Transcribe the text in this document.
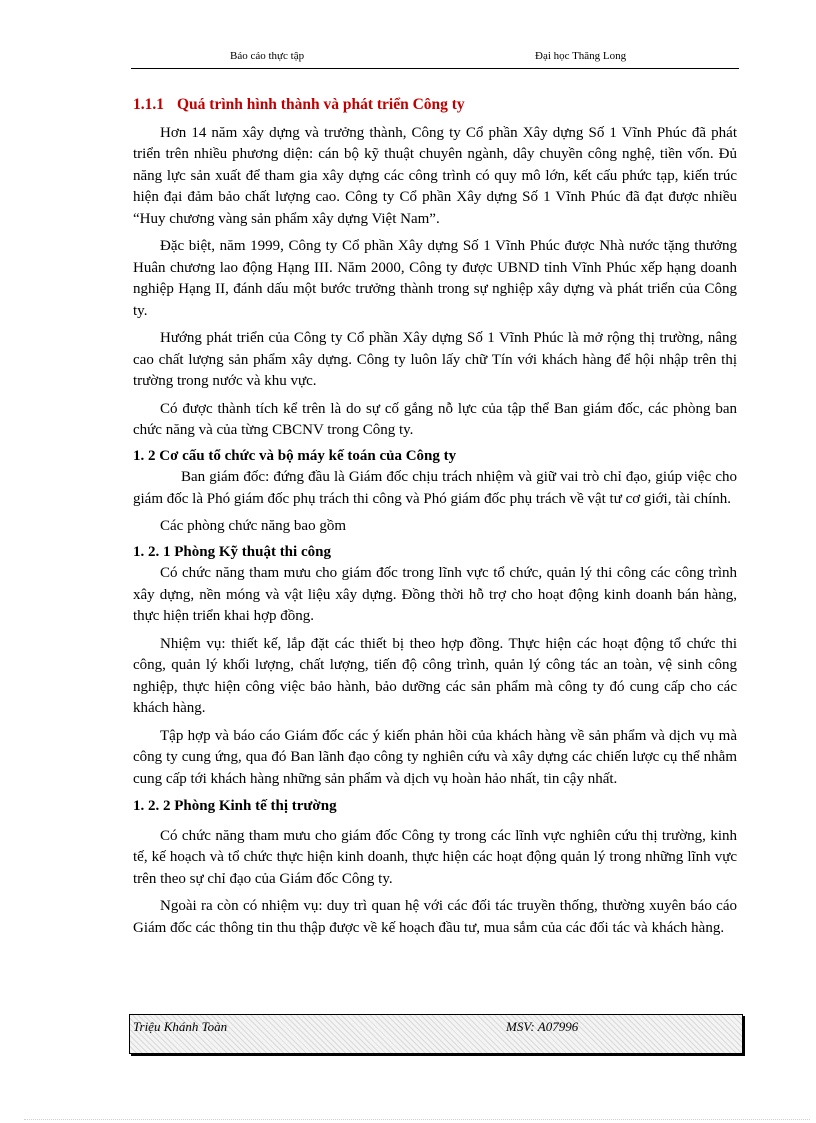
Báo cáo thực tập	Đại học Thăng Long
1.1.1 Quá trình hình thành và phát triển Công ty

Hơn 14 năm xây dựng và trưởng thành, Công ty Cổ phần Xây dựng Số 1 Vĩnh Phúc đã phát triển trên nhiều phương diện: cán bộ kỹ thuật chuyên ngành, dây chuyền công nghệ, tiền vốn. Đủ năng lực sản xuất để tham gia xây dựng các công trình có quy mô lớn, kết cấu phức tạp, kiến trúc hiện đại đảm bảo chất lượng cao. Công ty Cổ phần Xây dựng Số 1 Vĩnh Phúc đã đạt được nhiều “Huy chương vàng sản phẩm xây dựng Việt Nam”.

Đặc biệt, năm 1999, Công ty Cổ phần Xây dựng Số 1 Vĩnh Phúc được Nhà nước tặng thưởng Huân chương lao động Hạng III. Năm 2000, Công ty được UBND tỉnh Vĩnh Phúc xếp hạng doanh nghiệp Hạng II, đánh dấu một bước trưởng thành trong sự nghiệp xây dựng và phát triển của Công ty.

Hướng phát triển của Công ty Cổ phần Xây dựng Số 1 Vĩnh Phúc là mở rộng thị trường, nâng cao chất lượng sản phẩm xây dựng. Công ty luôn lấy chữ Tín với khách hàng để hội nhập trên thị trường trong nước và khu vực.

Có được thành tích kể trên là do sự cố gắng nỗ lực của tập thể Ban giám đốc, các phòng ban chức năng và của từng CBCNV trong Công ty.

1. 2 Cơ cấu tổ chức và bộ máy kế toán của Công ty

Ban giám đốc: đứng đầu là Giám đốc chịu trách nhiệm và giữ vai trò chỉ đạo, giúp việc cho giám đốc là Phó giám đốc phụ trách thi công và Phó giám đốc phụ trách về vật tư cơ giới, tài chính.

Các phòng chức năng bao gồm

1. 2. 1 Phòng Kỹ thuật thi công

Có chức năng tham mưu cho giám đốc trong lĩnh vực tổ chức, quản lý thi công các công trình xây dựng, nền móng và vật liệu xây dựng. Đồng thời hỗ trợ cho hoạt động kinh doanh bán hàng, thực hiện triển khai hợp đồng.

Nhiệm vụ: thiết kế, lắp đặt các thiết bị theo hợp đồng. Thực hiện các hoạt động tổ chức thi công, quản lý khối lượng, chất lượng, tiến độ công trình, quản lý công tác an toàn, vệ sinh công nghiệp, thực hiện công việc bảo hành, bảo dưỡng các sản phẩm mà công ty đó cung cấp cho các khách hàng.

Tập hợp và báo cáo Giám đốc các ý kiến phản hồi của khách hàng về sản phẩm và dịch vụ mà công ty cung ứng, qua đó Ban lãnh đạo công ty nghiên cứu và xây dựng các chiến lược cụ thể nhằm cung cấp tới khách hàng những sản phẩm và dịch vụ hoàn hảo nhất, tin cậy nhất.

1. 2. 2 Phòng Kinh tế thị trường

Có chức năng tham mưu cho giám đốc Công ty trong các lĩnh vực nghiên cứu thị trường, kinh tế, kế hoạch và tổ chức thực hiện kinh doanh, thực hiện các hoạt động quản lý trong những lĩnh vực trên theo sự chỉ đạo của Giám đốc Công ty.

Ngoài ra còn có nhiệm vụ: duy trì quan hệ với các đối tác truyền thống, thường xuyên báo cáo Giám đốc các thông tin thu thập được về kế hoạch đầu tư, mua sắm của các đối tác và khách hàng.

Triệu Khánh Toàn	MSV: A07996
